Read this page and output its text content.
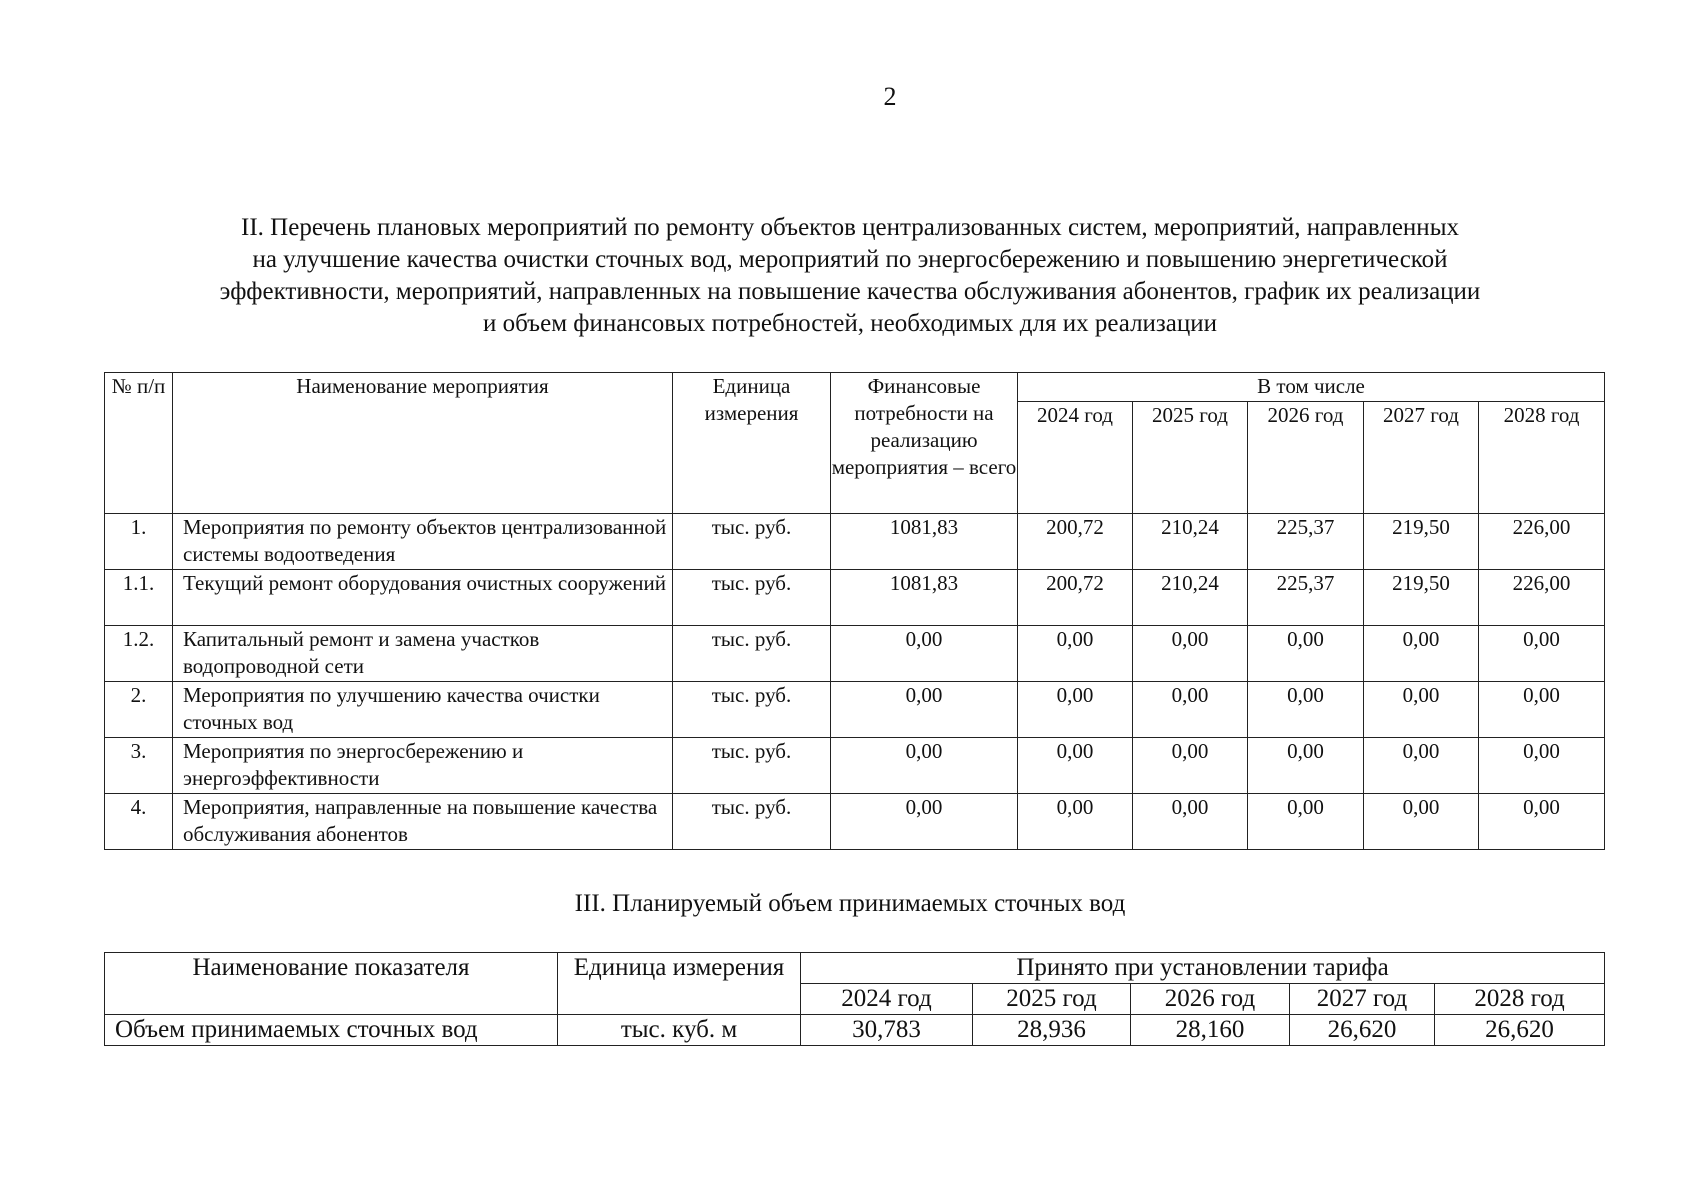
2
II. Перечень плановых мероприятий по ремонту объектов централизованных систем, мероприятий, направленных
на улучшение качества очистки сточных вод, мероприятий по энергосбережению и повышению энергетической
эффективности, мероприятий, направленных на повышение качества обслуживания абонентов, график их реализации
и объем финансовых потребностей, необходимых для их реализации
№ п/п	Наименование мероприятия	Единица измерения	Финансовые потребности на реализацию мероприятия – всего	В том числе				
				2024 год	2025 год	2026 год	2027 год	2028 год
1.	Мероприятия по ремонту объектов централизованной системы водоотведения	тыс. руб.	1081,83	200,72	210,24	225,37	219,50	226,00
1.1.	Текущий ремонт оборудования очистных сооружений	тыс. руб.	1081,83	200,72	210,24	225,37	219,50	226,00
1.2.	Капитальный ремонт и замена участков водопроводной сети	тыс. руб.	0,00	0,00	0,00	0,00	0,00	0,00
2.	Мероприятия по улучшению качества очистки сточных вод	тыс. руб.	0,00	0,00	0,00	0,00	0,00	0,00
3.	Мероприятия по энергосбережению и энергоэффективности	тыс. руб.	0,00	0,00	0,00	0,00	0,00	0,00
4.	Мероприятия, направленные на повышение качества обслуживания абонентов	тыс. руб.	0,00	0,00	0,00	0,00	0,00	0,00
III. Планируемый объем принимаемых сточных вод
Наименование показателя	Единица измерения	Принято при установлении тарифа				
		2024 год	2025 год	2026 год	2027 год	2028 год
Объем принимаемых сточных вод	тыс. куб. м	30,783	28,936	28,160	26,620	26,620
